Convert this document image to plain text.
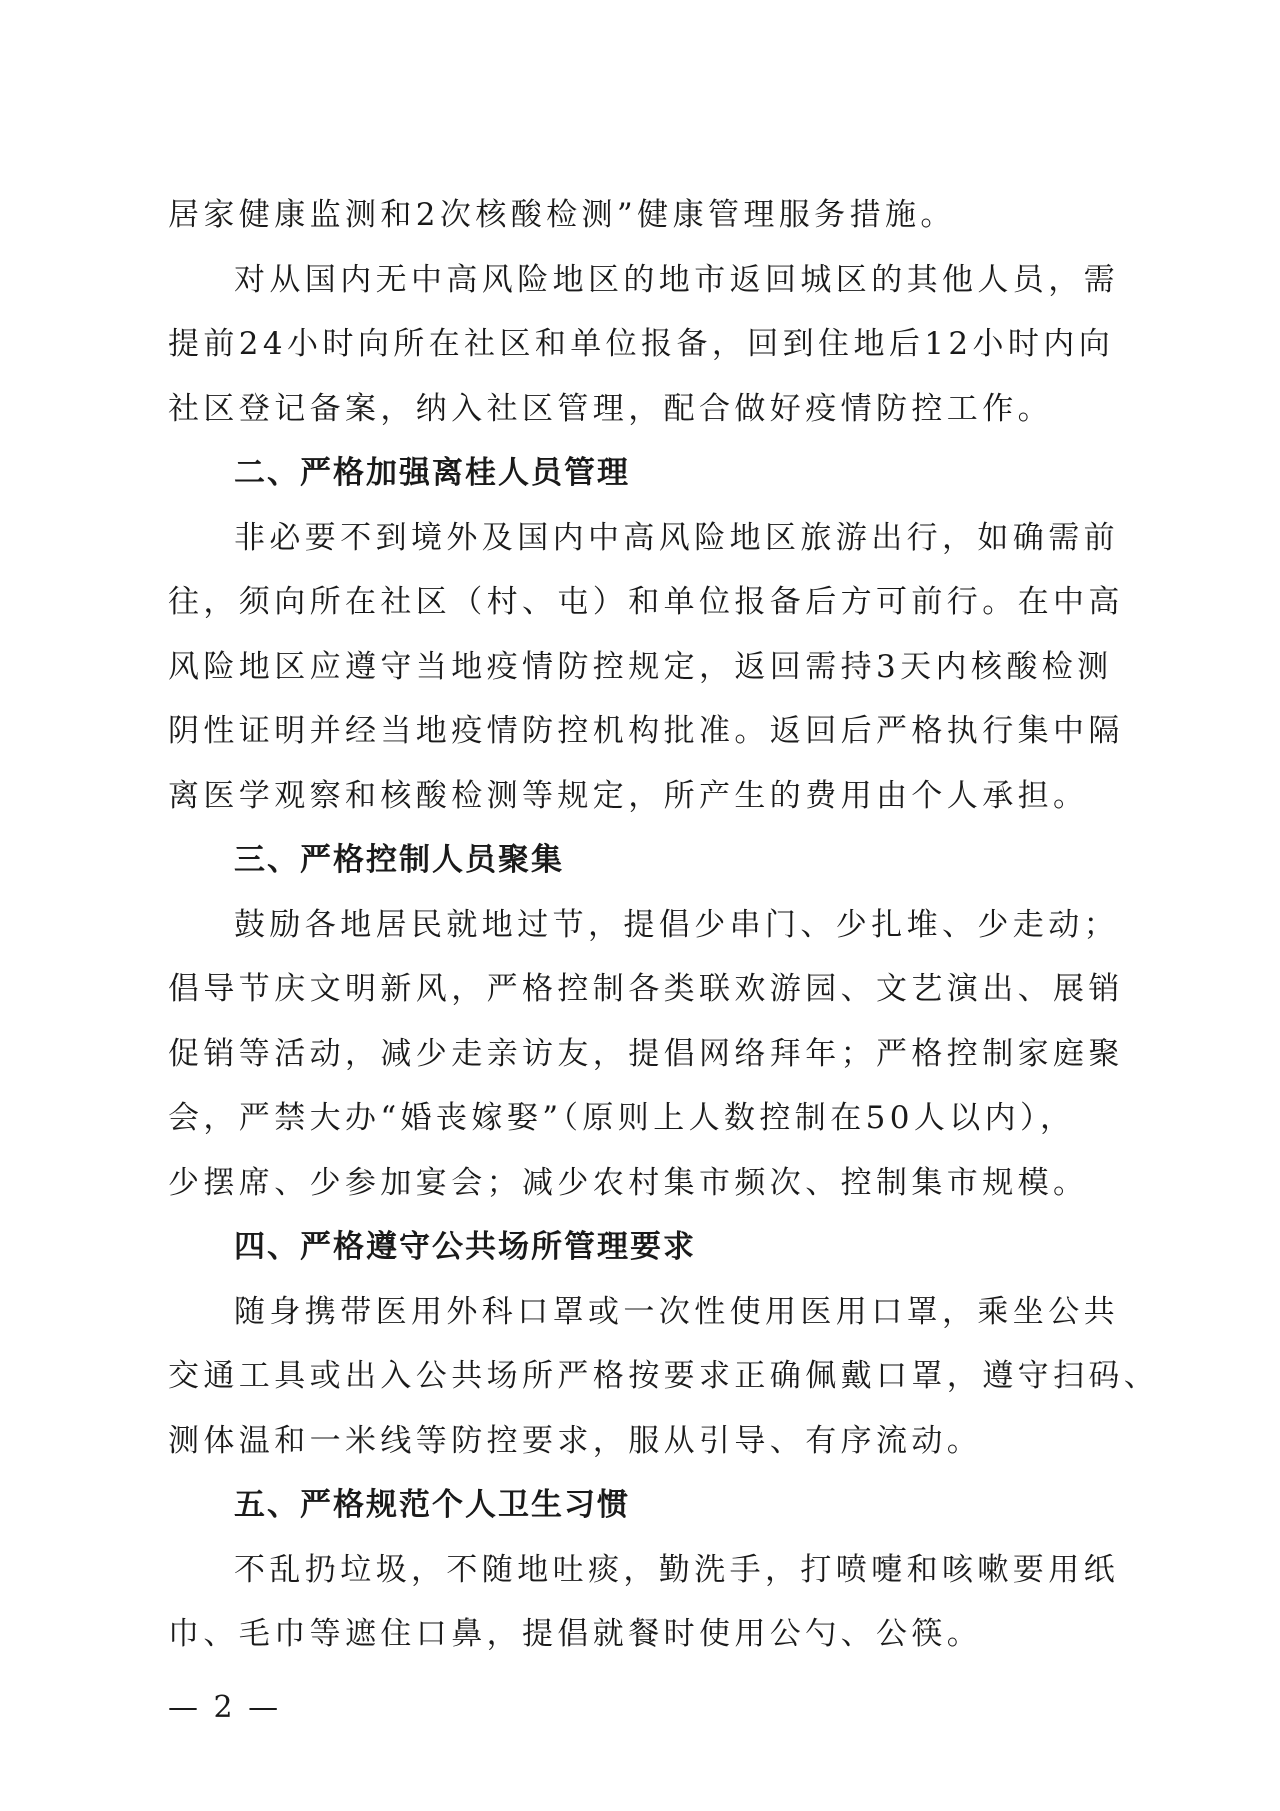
居家健康监测和2次核酸检测”健康管理服务措施。
对从国内无中高风险地区的地市返回城区的其他人员，需
提前24小时向所在社区和单位报备，回到住地后12小时内向
社区登记备案，纳入社区管理，配合做好疫情防控工作。
二、严格加强离桂人员管理
非必要不到境外及国内中高风险地区旅游出行，如确需前
往，须向所在社区（村、屯）和单位报备后方可前行。在中高
风险地区应遵守当地疫情防控规定，返回需持3天内核酸检测
阴性证明并经当地疫情防控机构批准。返回后严格执行集中隔
离医学观察和核酸检测等规定，所产生的费用由个人承担。
三、严格控制人员聚集
鼓励各地居民就地过节，提倡少串门、少扎堆、少走动；
倡导节庆文明新风，严格控制各类联欢游园、文艺演出、展销
促销等活动，减少走亲访友，提倡网络拜年；严格控制家庭聚
会，严禁大办“婚丧嫁娶”（原则上人数控制在50人以内），
少摆席、少参加宴会；减少农村集市频次、控制集市规模。
四、严格遵守公共场所管理要求
随身携带医用外科口罩或一次性使用医用口罩，乘坐公共
交通工具或出入公共场所严格按要求正确佩戴口罩，遵守扫码、
测体温和一米线等防控要求，服从引导、有序流动。
五、严格规范个人卫生习惯
不乱扔垃圾，不随地吐痰，勤洗手，打喷嚏和咳嗽要用纸
巾、毛巾等遮住口鼻，提倡就餐时使用公勺、公筷。
— 2 —
